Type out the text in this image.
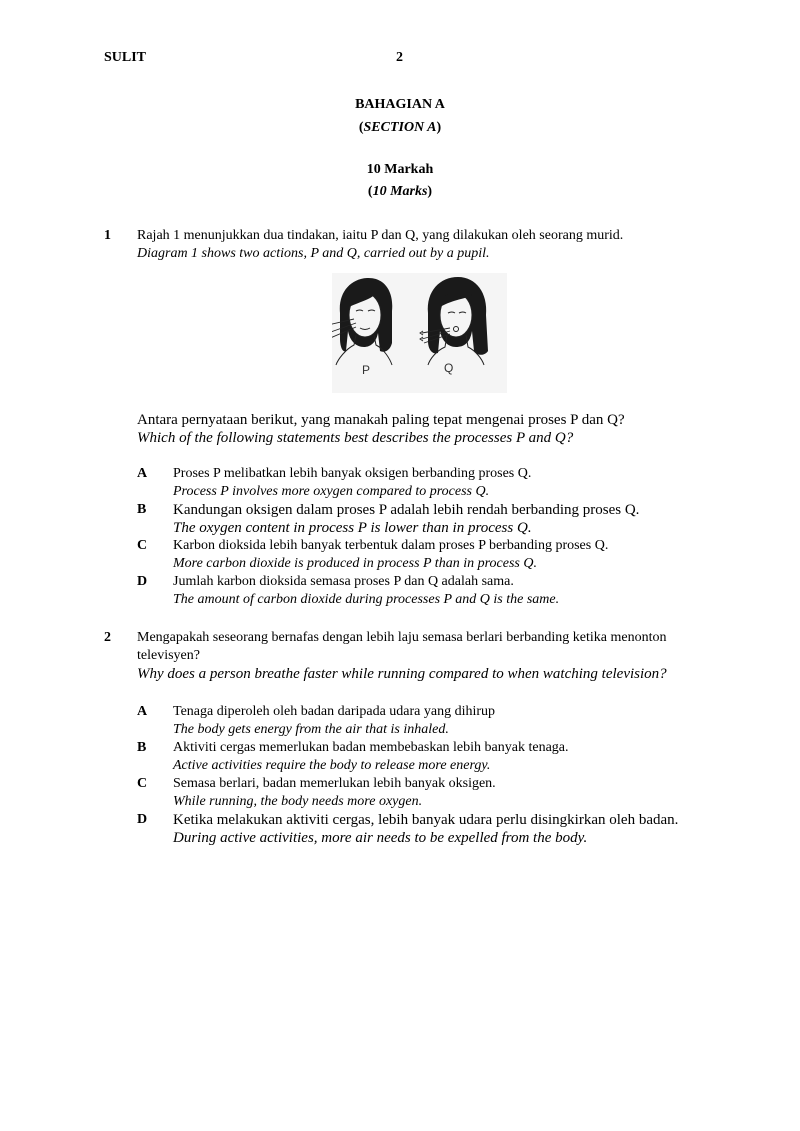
SULIT	2
BAHAGIAN A
(SECTION A)
10 Markah
(10 Marks)
1 Rajah 1 menunjukkan dua tindakan, iaitu P dan Q, yang dilakukan oleh seorang murid.
Diagram 1 shows two actions, P and Q, carried out by a pupil.
P	Q
Antara pernyataan berikut, yang manakah paling tepat mengenai proses P dan Q?
Which of the following statements best describes the processes P and Q?
A Proses P melibatkan lebih banyak oksigen berbanding proses Q.
Process P involves more oxygen compared to process Q.
B Kandungan oksigen dalam proses P adalah lebih rendah berbanding proses Q.
The oxygen content in process P is lower than in process Q.
C Karbon dioksida lebih banyak terbentuk dalam proses P berbanding proses Q.
More carbon dioxide is produced in process P than in process Q.
D Jumlah karbon dioksida semasa proses P dan Q adalah sama.
The amount of carbon dioxide during processes P and Q is the same.
2 Mengapakah seseorang bernafas dengan lebih laju semasa berlari berbanding ketika menonton
televisyen?
Why does a person breathe faster while running compared to when watching television?
A Tenaga diperoleh oleh badan daripada udara yang dihirup
The body gets energy from the air that is inhaled.
B Aktiviti cergas memerlukan badan membebaskan lebih banyak tenaga.
Active activities require the body to release more energy.
C Semasa berlari, badan memerlukan lebih banyak oksigen.
While running, the body needs more oxygen.
D Ketika melakukan aktiviti cergas, lebih banyak udara perlu disingkirkan oleh badan.
During active activities, more air needs to be expelled from the body.
